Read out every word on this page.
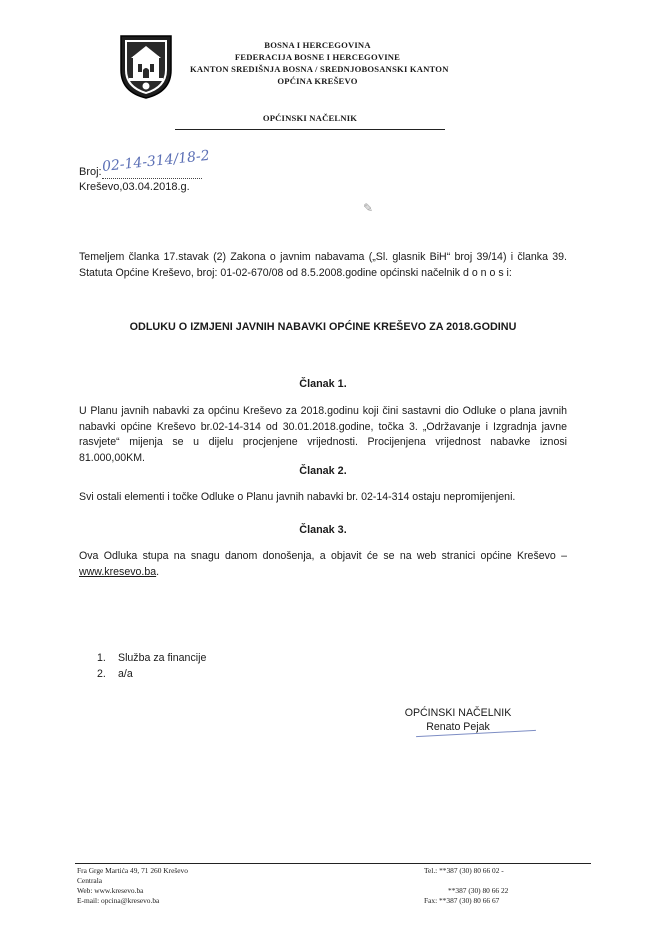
BOSNA I HERCEGOVINA
FEDERACIJA BOSNE I HERCEGOVINE
KANTON SREDIŠNJA BOSNA / SREDNJOBOSANSKI KANTON
OPĆINA KREŠEVO
OPĆINSKI NAČELNIK
Broj: 02-14-314/18-2
Kreševo,03.04.2018.g.
✎
Temeljem članka 17.stavak (2) Zakona o javnim nabavama („Sl. glasnik BiH“ broj 39/14) i članka 39. Statuta Općine Kreševo, broj: 01-02-670/08 od 8.5.2008.godine općinski načelnik d o n o s i:
ODLUKU O IZMJENI JAVNIH NABAVKI OPĆINE KREŠEVO ZA 2018.GODINU
Članak 1.
U Planu javnih nabavki za općinu Kreševo za 2018.godinu koji čini sastavni dio Odluke o plana javnih nabavki općine Kreševo br.02-14-314 od 30.01.2018.godine, točka 3. „Održavanje i Izgradnja javne rasvjete“ mijenja se u dijelu procjenjene vrijednosti. Procijenjena vrijednost nabavke iznosi 81.000,00KM.
Članak 2.
Svi ostali elementi i točke Odluke o Planu javnih nabavki br. 02-14-314 ostaju nepromijenjeni.
Članak 3.
Ova Odluka stupa na snagu danom donošenja, a objavit će se na web stranici općine Kreševo – www.kresevo.ba.
1. Služba za financije
2. a/a
OPĆINSKI NAČELNIK
Renato Pejak
Fra Grge Martića 49, 71 260 Kreševo
Centrala
Web: www.kresevo.ba
E-mail: opcina@kresevo.ba
Tel.: **387 (30) 80 66 02 -
**387 (30) 80 66 22
Fax: **387 (30) 80 66 67
